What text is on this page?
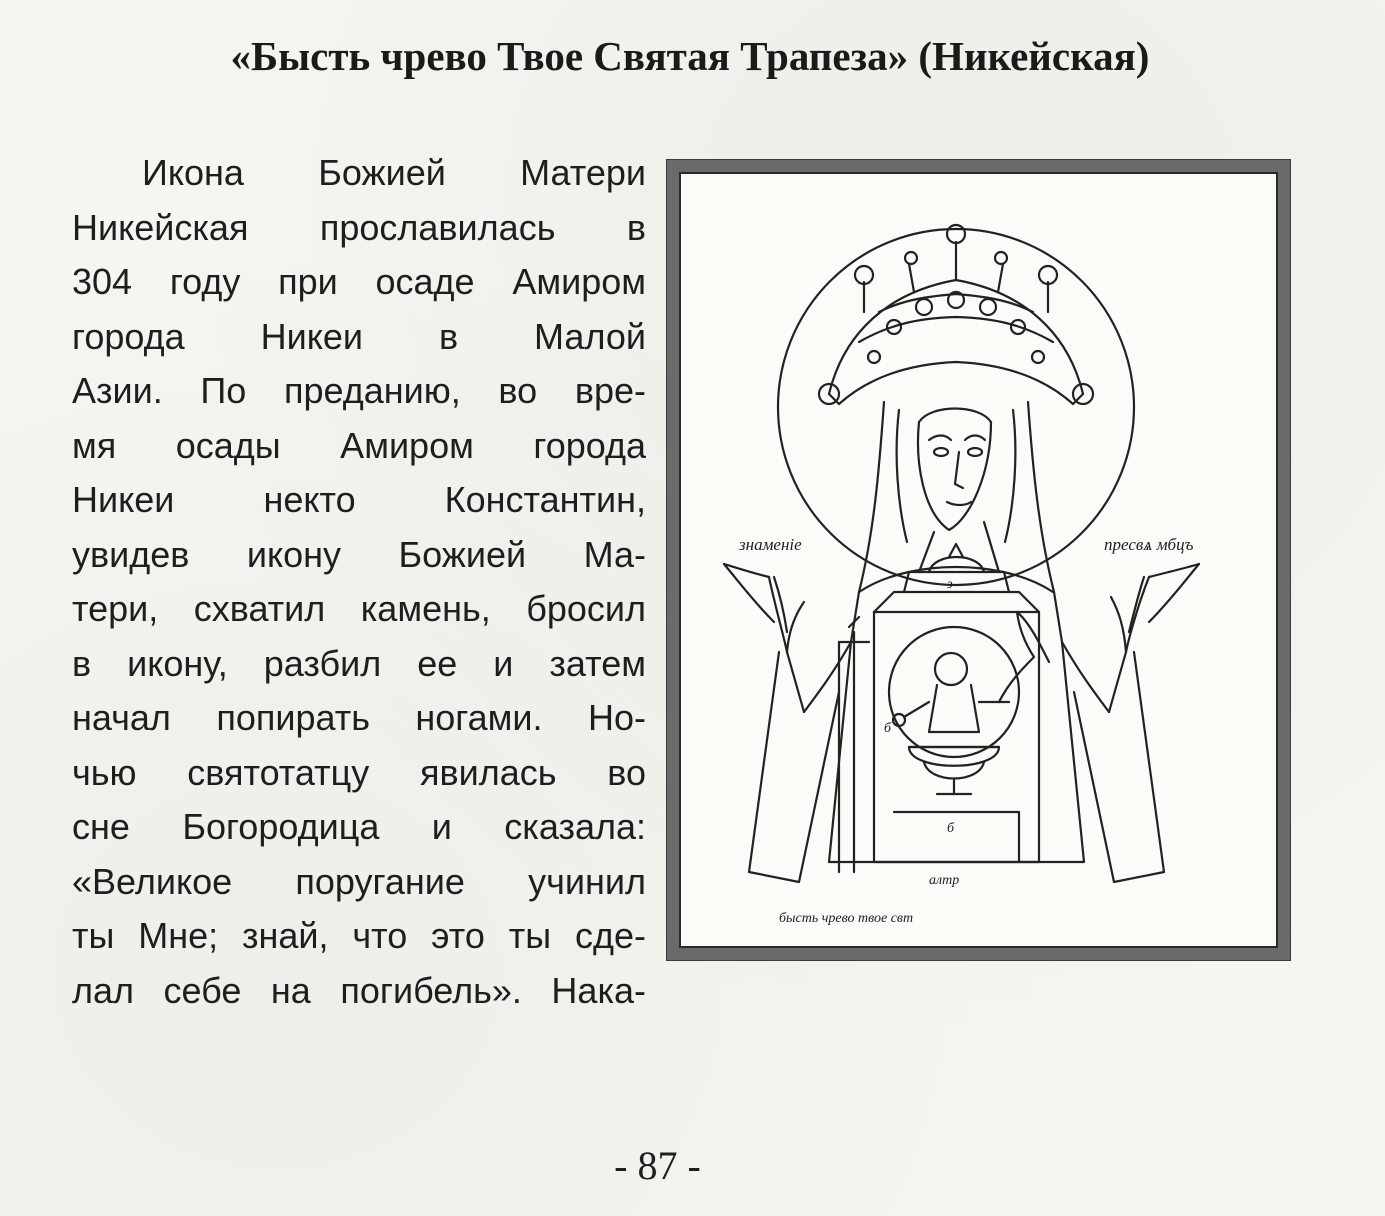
«Бысть чрево Твое Святая Трапеза» (Никейская)
Икона Божией Матери
Никейская прославилась в
304 году при осаде Амиром
города Никеи в Малой
Азии. По преданию, во вре-
мя осады Амиром города
Никеи некто Константин,
увидев икону Божией Ма-
тери, схватил камень, бросил
в икону, разбил ее и затем
начал попирать ногами. Но-
чью святотатцу явилась во
сне Богородица и сказала:
«Великое поругание учинил
ты Мне; знай, что это ты сде-
лал себе на погибель». Нака-
знаменiе	пресвѧ мбцъ
з
б
б
алтр
бысть чрево твое свт
- 87 -
